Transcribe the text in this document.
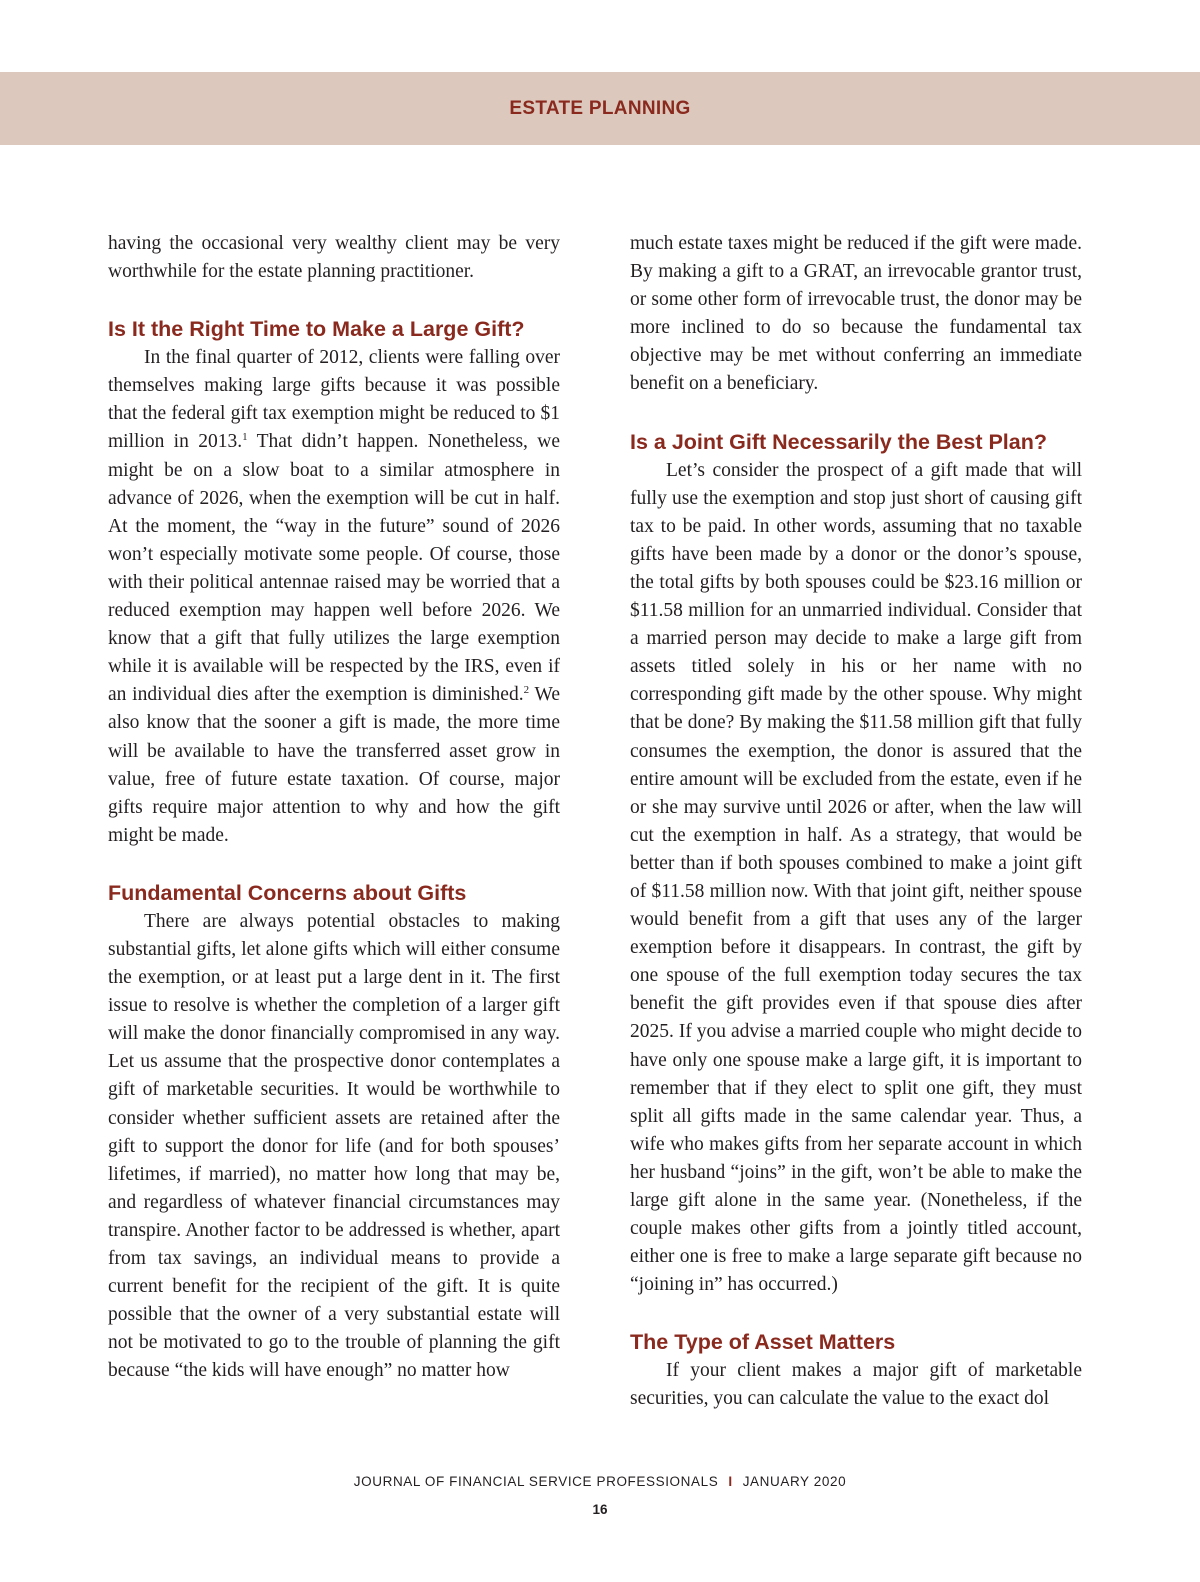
ESTATE PLANNING

having the occasional very wealthy client may be very worthwhile for the estate planning practitioner.

Is It the Right Time to Make a Large Gift?

In the final quarter of 2012, clients were falling over themselves making large gifts because it was possible that the federal gift tax exemption might be reduced to $1 million in 2013.$^1$ That didn’t happen. Nonetheless, we might be on a slow boat to a similar atmosphere in advance of 2026, when the exemption will be cut in half. At the moment, the “way in the future” sound of 2026 won’t especially motivate some people. Of course, those with their political antennae raised may be worried that a reduced exemption may happen well before 2026. We know that a gift that fully utilizes the large exemption while it is available will be respected by the IRS, even if an individual dies after the exemption is diminished.$^2$ We also know that the sooner a gift is made, the more time will be available to have the transferred asset grow in value, free of future estate taxation. Of course, major gifts require major attention to why and how the gift might be made.

Fundamental Concerns about Gifts

There are always potential obstacles to making substantial gifts, let alone gifts which will either consume the exemption, or at least put a large dent in it. The first issue to resolve is whether the completion of a larger gift will make the donor financially compromised in any way. Let us assume that the prospective donor contemplates a gift of marketable securities. It would be worthwhile to consider whether sufficient assets are retained after the gift to support the donor for life (and for both spouses’ lifetimes, if married), no matter how long that may be, and regardless of whatever financial circumstances may transpire. Another factor to be addressed is whether, apart from tax savings, an individual means to provide a current benefit for the recipient of the gift. It is quite possible that the owner of a very substantial estate will not be motivated to go to the trouble of planning the gift because “the kids will have enough” no matter how

much estate taxes might be reduced if the gift were made. By making a gift to a GRAT, an irrevocable grantor trust, or some other form of irrevocable trust, the donor may be more inclined to do so because the fundamental tax objective may be met without conferring an immediate benefit on a beneficiary.

Is a Joint Gift Necessarily the Best Plan?

Let’s consider the prospect of a gift made that will fully use the exemption and stop just short of causing gift tax to be paid. In other words, assuming that no taxable gifts have been made by a donor or the donor’s spouse, the total gifts by both spouses could be $23.16 million or $11.58 million for an unmarried individual. Consider that a married person may decide to make a large gift from assets titled solely in his or her name with no corresponding gift made by the other spouse. Why might that be done? By making the $11.58 million gift that fully consumes the exemption, the donor is assured that the entire amount will be excluded from the estate, even if he or she may survive until 2026 or after, when the law will cut the exemption in half. As a strategy, that would be better than if both spouses combined to make a joint gift of $11.58 million now. With that joint gift, neither spouse would benefit from a gift that uses any of the larger exemption before it disappears. In contrast, the gift by one spouse of the full exemption today secures the tax benefit the gift provides even if that spouse dies after 2025. If you advise a married couple who might decide to have only one spouse make a large gift, it is important to remember that if they elect to split one gift, they must split all gifts made in the same calendar year. Thus, a wife who makes gifts from her separate account in which her husband “joins” in the gift, won’t be able to make the large gift alone in the same year. (Nonetheless, if the couple makes other gifts from a jointly titled account, either one is free to make a large separate gift because no “joining in” has occurred.)

The Type of Asset Matters

If your client makes a major gift of marketable securities, you can calculate the value to the exact dol

JOURNAL OF FINANCIAL SERVICE PROFESSIONALS I JANUARY 2020
16
